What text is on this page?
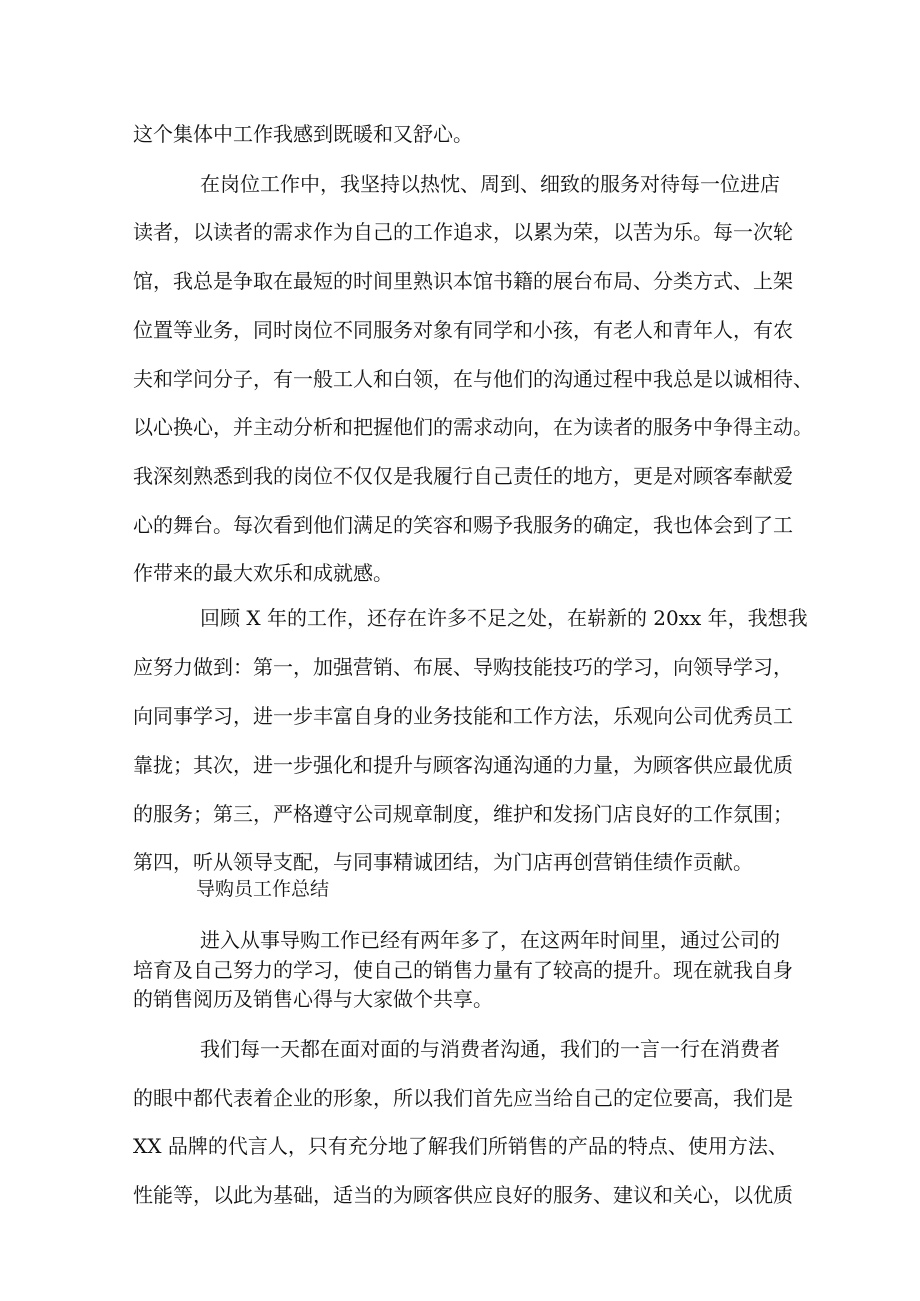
这个集体中工作我感到既暖和又舒心。

在岗位工作中，我坚持以热忱、周到、细致的服务对待每一位进店

读者，以读者的需求作为自己的工作追求，以累为荣，以苦为乐。每一次轮

馆，我总是争取在最短的时间里熟识本馆书籍的展台布局、分类方式、上架

位置等业务，同时岗位不同服务对象有同学和小孩，有老人和青年人，有农

夫和学问分子，有一般工人和白领，在与他们的沟通过程中我总是以诚相待、

以心换心，并主动分析和把握他们的需求动向，在为读者的服务中争得主动。

我深刻熟悉到我的岗位不仅仅是我履行自己责任的地方，更是对顾客奉献爱

心的舞台。每次看到他们满足的笑容和赐予我服务的确定，我也体会到了工

作带来的最大欢乐和成就感。

回顾 X 年的工作，还存在许多不足之处，在崭新的 20xx 年，我想我

应努力做到：第一，加强营销、布展、导购技能技巧的学习，向领导学习，

向同事学习，进一步丰富自身的业务技能和工作方法，乐观向公司优秀员工

靠拢；其次，进一步强化和提升与顾客沟通沟通的力量，为顾客供应最优质

的服务；第三，严格遵守公司规章制度，维护和发扬门店良好的工作氛围；

第四，听从领导支配，与同事精诚团结，为门店再创营销佳绩作贡献。

导购员工作总结

进入从事导购工作已经有两年多了，在这两年时间里，通过公司的

培育及自己努力的学习，使自己的销售力量有了较高的提升。现在就我自身

的销售阅历及销售心得与大家做个共享。

我们每一天都在面对面的与消费者沟通，我们的一言一行在消费者

的眼中都代表着企业的形象，所以我们首先应当给自己的定位要高，我们是

XX 品牌的代言人，只有充分地了解我们所销售的产品的特点、使用方法、

性能等，以此为基础，适当的为顾客供应良好的服务、建议和关心，以优质
